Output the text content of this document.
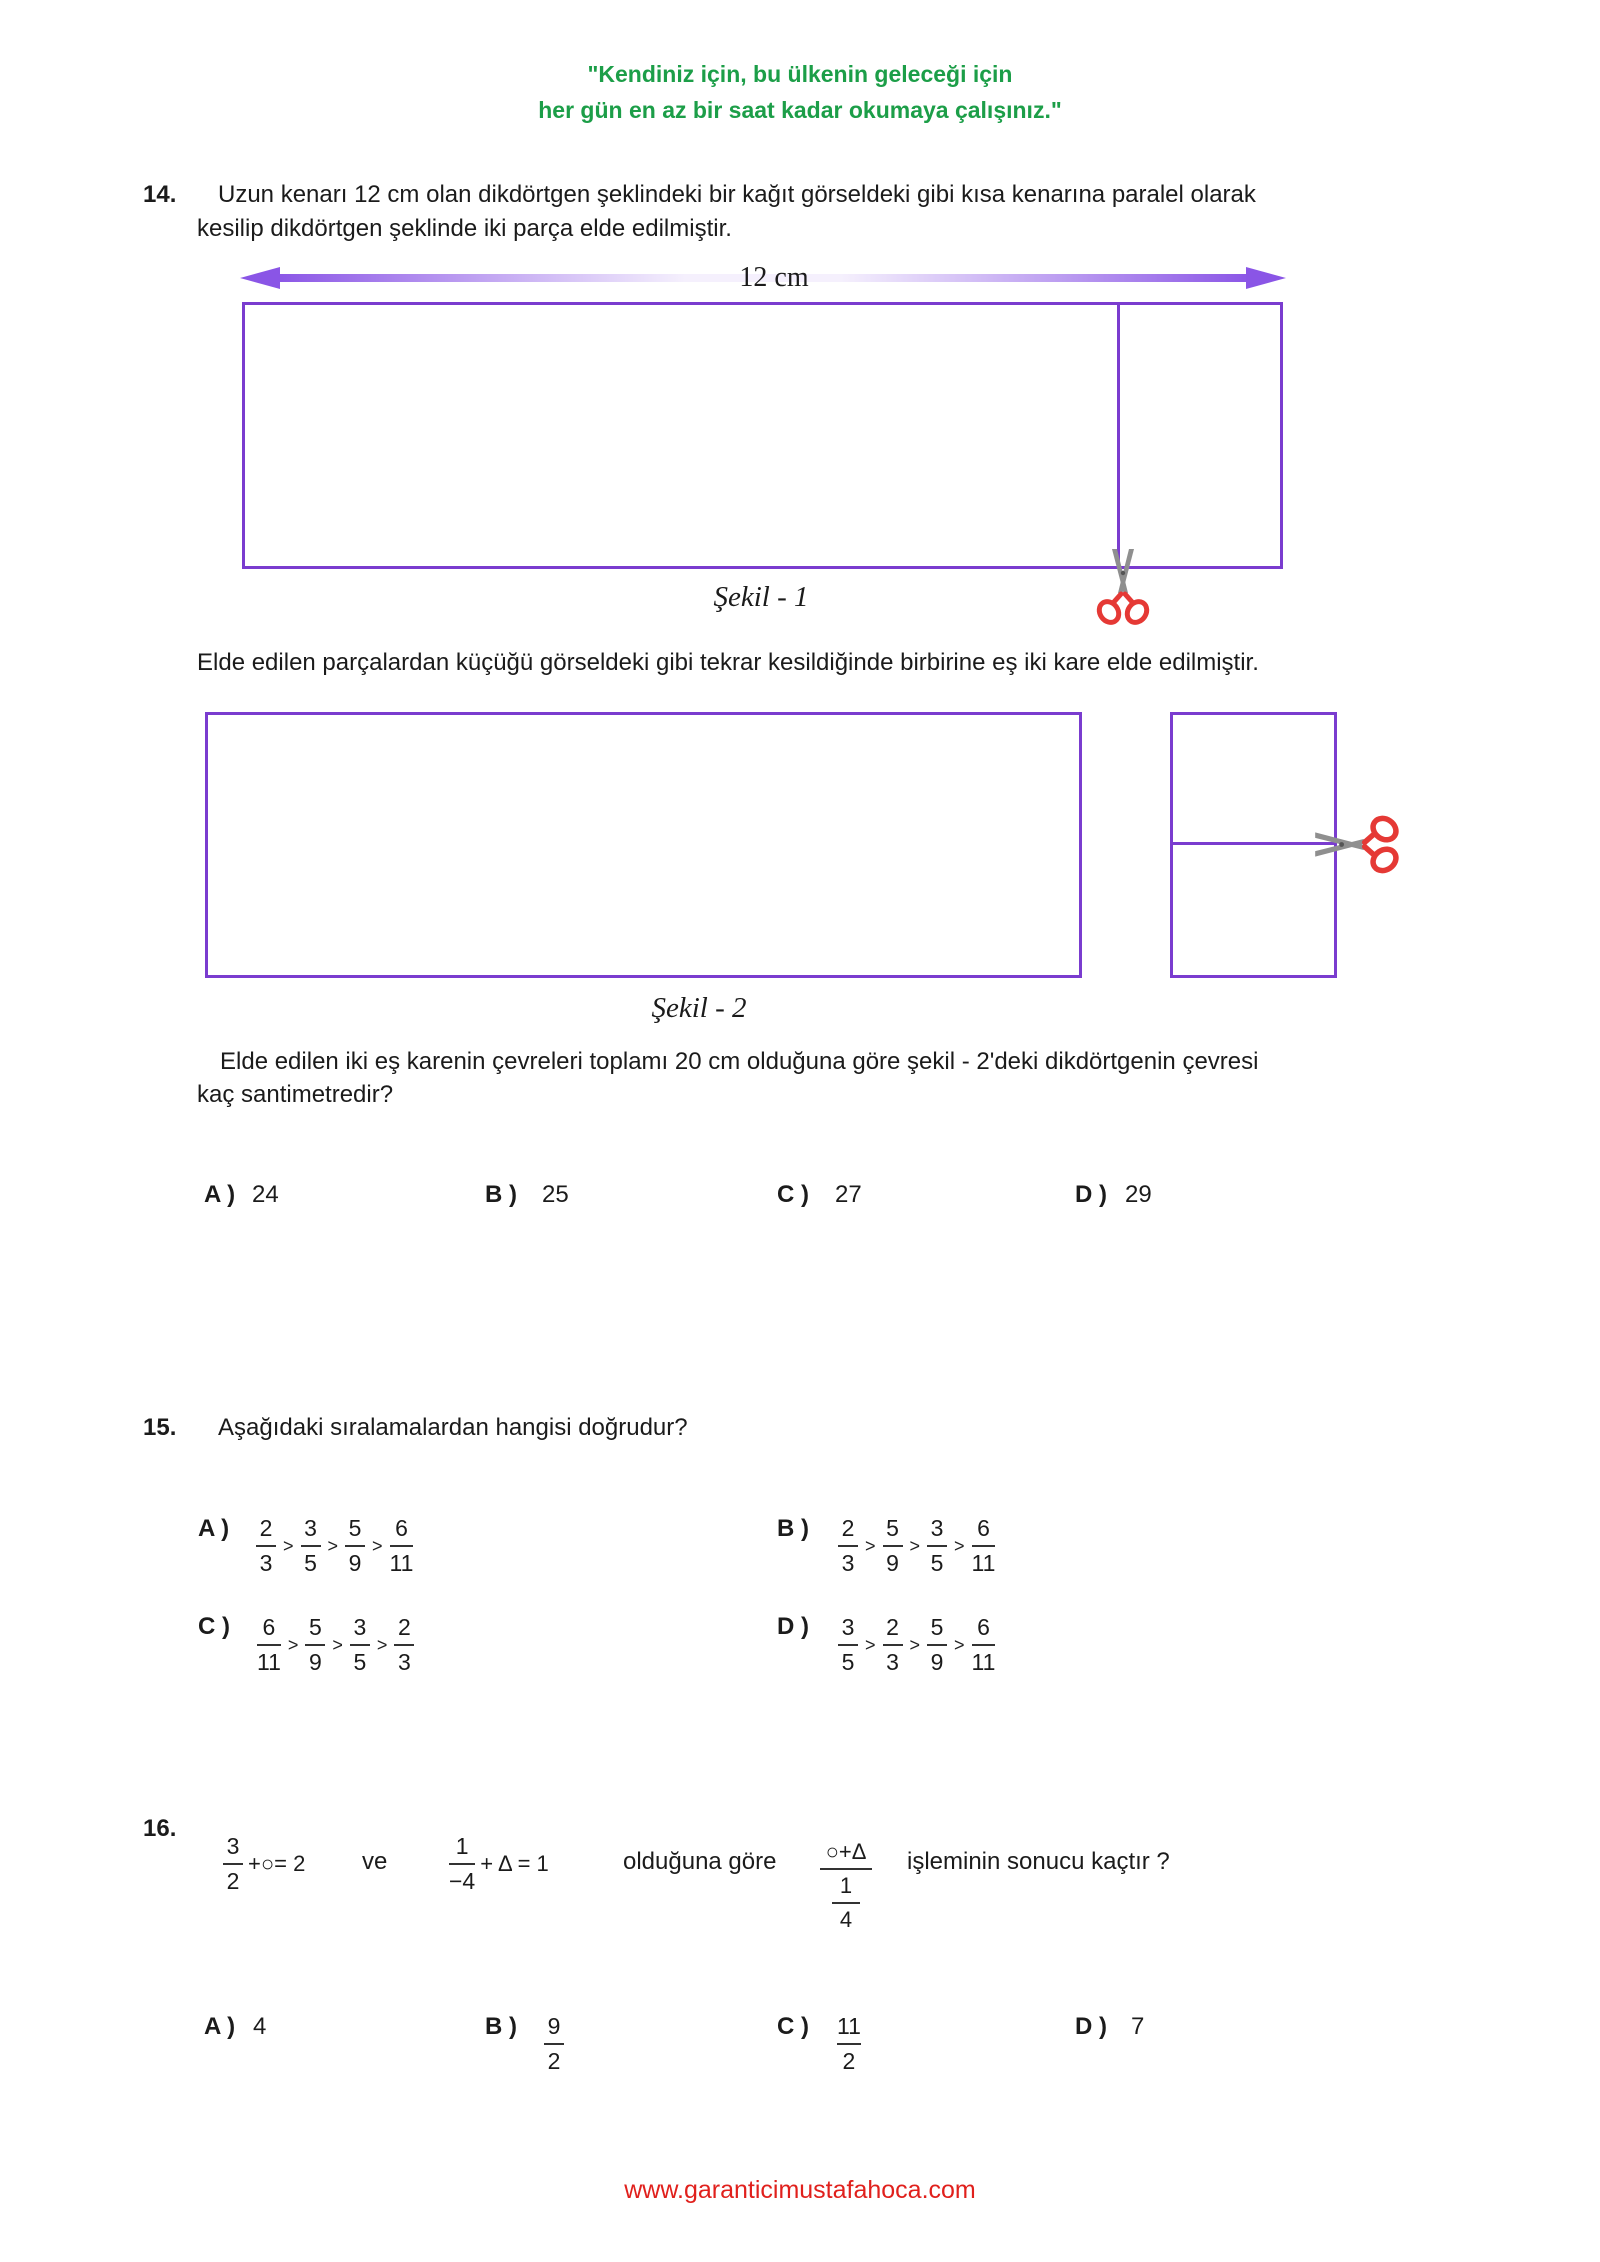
"Kendiniz için, bu ülkenin geleceği için
her gün en az bir saat kadar okumaya çalışınız."
14. Uzun kenarı 12 cm olan dikdörtgen şeklindeki bir kağıt görseldeki gibi kısa kenarına paralel olarak
kesilip dikdörtgen şeklinde iki parça elde edilmiştir.
12 cm
Şekil - 1
Elde edilen parçalardan küçüğü görseldeki gibi tekrar kesildiğinde birbirine eş iki kare elde edilmiştir.
Şekil - 2
Elde edilen iki eş karenin çevreleri toplamı 20 cm olduğuna göre şekil - 2'deki dikdörtgenin çevresi
kaç santimetredir?
A ) 24	B ) 25	C ) 27	D ) 29
15. Aşağıdaki sıralamalardan hangisi doğrudur?
A ) $\frac{2}{3} > \frac{3}{5} > \frac{5}{9} > \frac{6}{11}$	B ) $\frac{2}{3} > \frac{5}{9} > \frac{3}{5} > \frac{6}{11}$
C ) $\frac{6}{11} > \frac{5}{9} > \frac{3}{5} > \frac{2}{3}$	D ) $\frac{3}{5} > \frac{2}{3} > \frac{5}{9} > \frac{6}{11}$
16.
$\frac{3}{2}$ +○= 2 ve	$\frac{1}{-4} + \Delta = 1$	olduğuna göre ○+Δ
1
4
işleminin sonucu kaçtır ?
A ) 4	B ) $\frac{9}{2}$	C ) $\frac{11}{2}$	D ) 7
www.garanticimustafahoca.com
